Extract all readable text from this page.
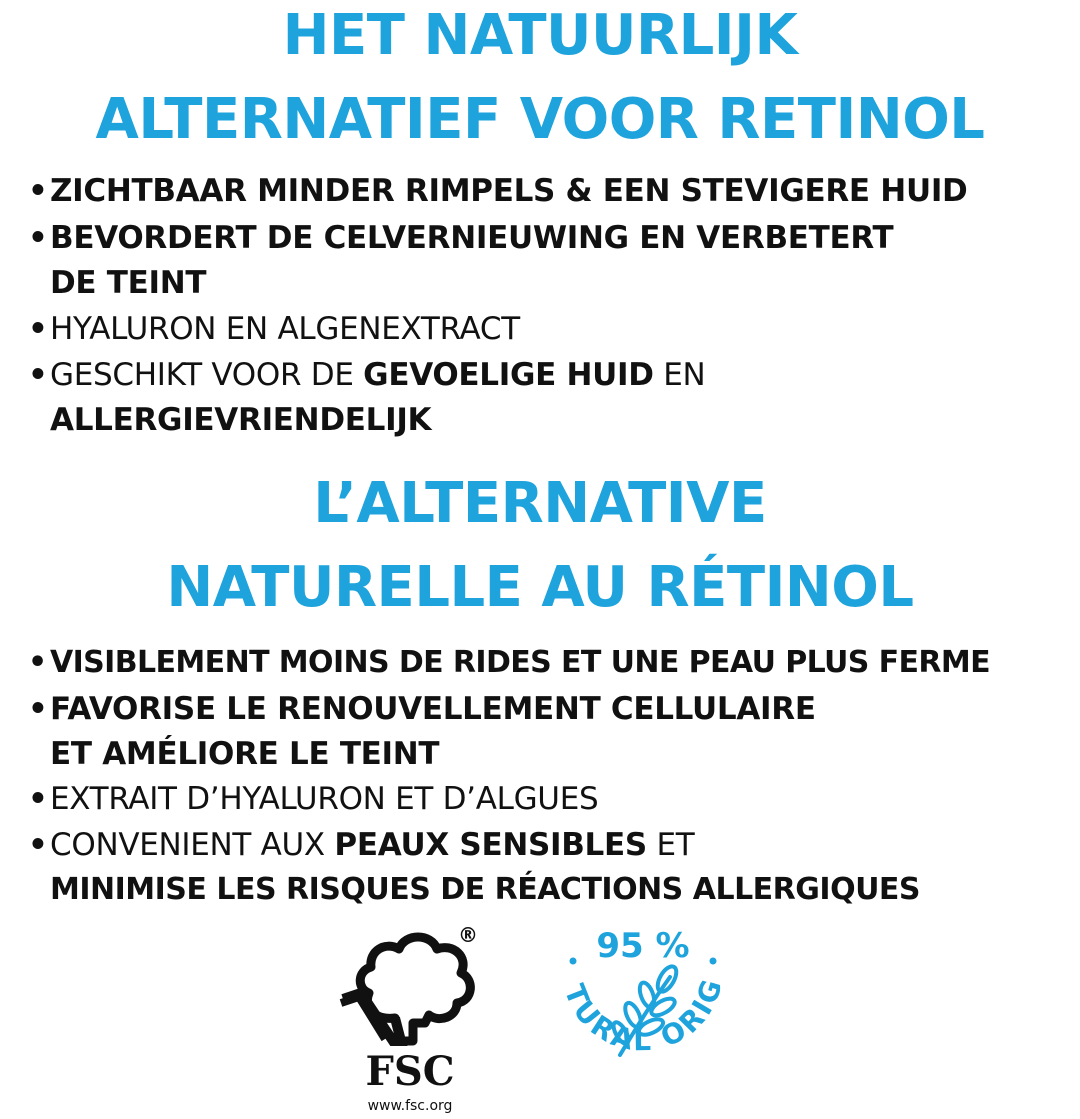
HET NATUURLIJK
ALTERNATIEF VOOR RETINOL
•ZICHTBAAR MINDER RIMPELS & EEN STEVIGERE HUID
•BEVORDERT DE CELVERNIEUWING EN VERBETERT
DE TEINT
•HYALURON EN ALGENEXTRACT
•GESCHIKT VOOR DE GEVOELIGE HUID EN
ALLERGIEVRIENDELIJK
L’ALTERNATIVE
NATURELLE AU RÉTINOL
• VISIBLEMENT MOINS DE RIDES ET UNE PEAU PLUS FERME
•FAVORISE LE RENOUVELLEMENT CELLULAIRE
ET AMÉLIORE LE TEINT
•EXTRAIT D’HYALURON ET D’ALGUES
•CONVENIENT AUX PEAUX SENSIBLES ET
MINIMISE LES RISQUES DE RÉACTIONS ALLERGIQUES
®
FSC
www.fsc.org
95 %
TURAL ORIG
